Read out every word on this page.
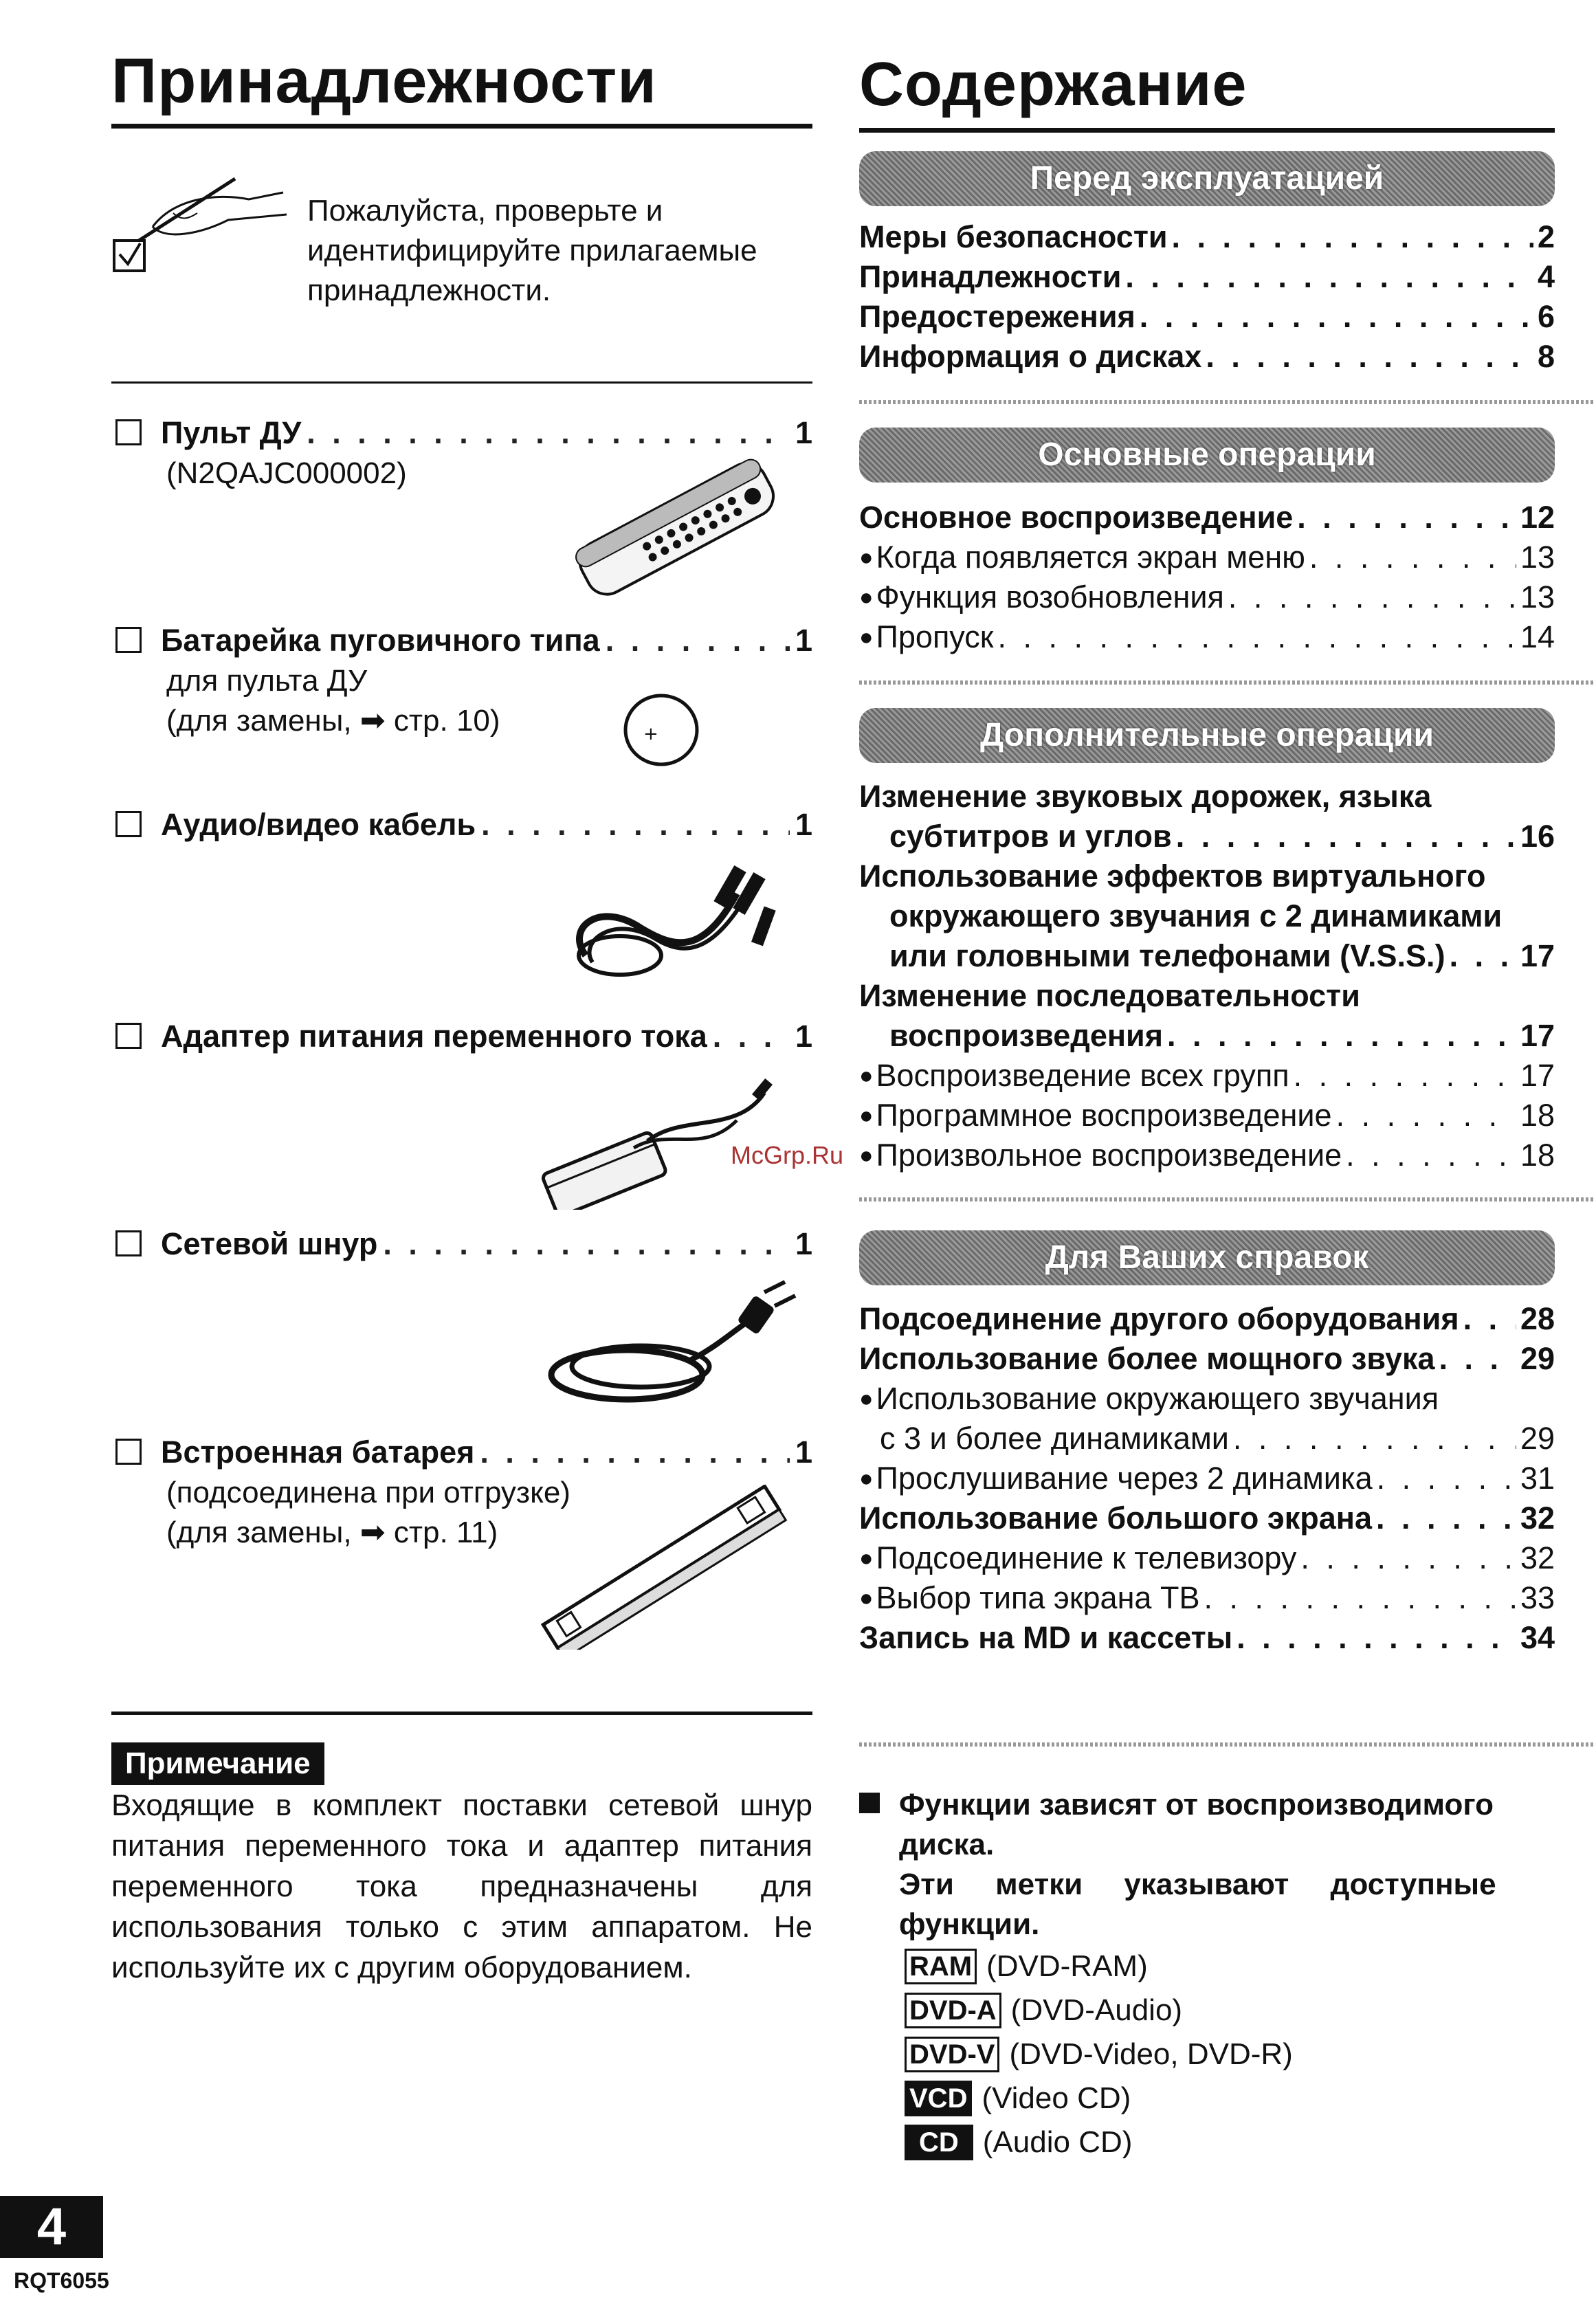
Принадлежности
Пожалуйста, проверьте и идентифицируйте прилагаемые принадлежности.
Пульт ДУ . . .	1
(N2QAJC000002)
Батарейка пуговичного типа . . .	1
для пульта ДУ
(для замены, ➡ стр. 10)	+
Аудио/видео кабель . . .	1
Адаптер питания переменного тока . . .	1
Сетевой шнур . . .	1
Встроенная батарея . . .	1
(подсоединена при отгрузке)
(для замены, ➡ стр. 11)
Примечание
Входящие в комплект поставки сетевой шнур питания переменного тока и адаптер питания переменного тока предназначены для использования только с этим аппаратом. Не используйте их с другим оборудованием.
Содержание
Перед эксплуатацией
Меры безопасности . . .	2
Принадлежности . . .	4
Предостережения . . .	6
Информация о дисках . . .	8
Основные операции
Основное воспроизведение . . .	12
● Когда появляется экран меню . . .	13
● Функция возобновления . . .	13
● Пропуск . . .	14
Дополнительные операции
Изменение звуковых дорожек, языка
субтитров и углов . . .	16
Использование эффектов виртуального
окружающего звучания с 2 динамиками
или головными телефонами (V.S.S.) . . . 17
Изменение последовательности
воспроизведения . . .	17
● Воспроизведение всех групп . . .	17
● Программное воспроизведение . . .	18
● Произвольное воспроизведение . . .	18
Для Ваших справок
Подсоединение другого оборудования . . . 28
Использование более мощного звука . . .	29
● Использование окружающего звучания
с 3 и более динамиками . . .	29
● Прослушивание через 2 динамика . . .	31
Использование большого экрана . . .	32
● Подсоединение к телевизору . . .	32
● Выбор типа экрана ТВ . . .	33
Запись на MD и кассеты . . .	34
Функции зависят от воспроизводимого
диска.
Эти метки указывают доступные
функции.
RAM (DVD-RAM)
DVD-A (DVD-Audio)
DVD-V (DVD-Video, DVD-R)
VCD (Video CD)
CD (Audio CD)
McGrp.Ru
4
RQT6055
